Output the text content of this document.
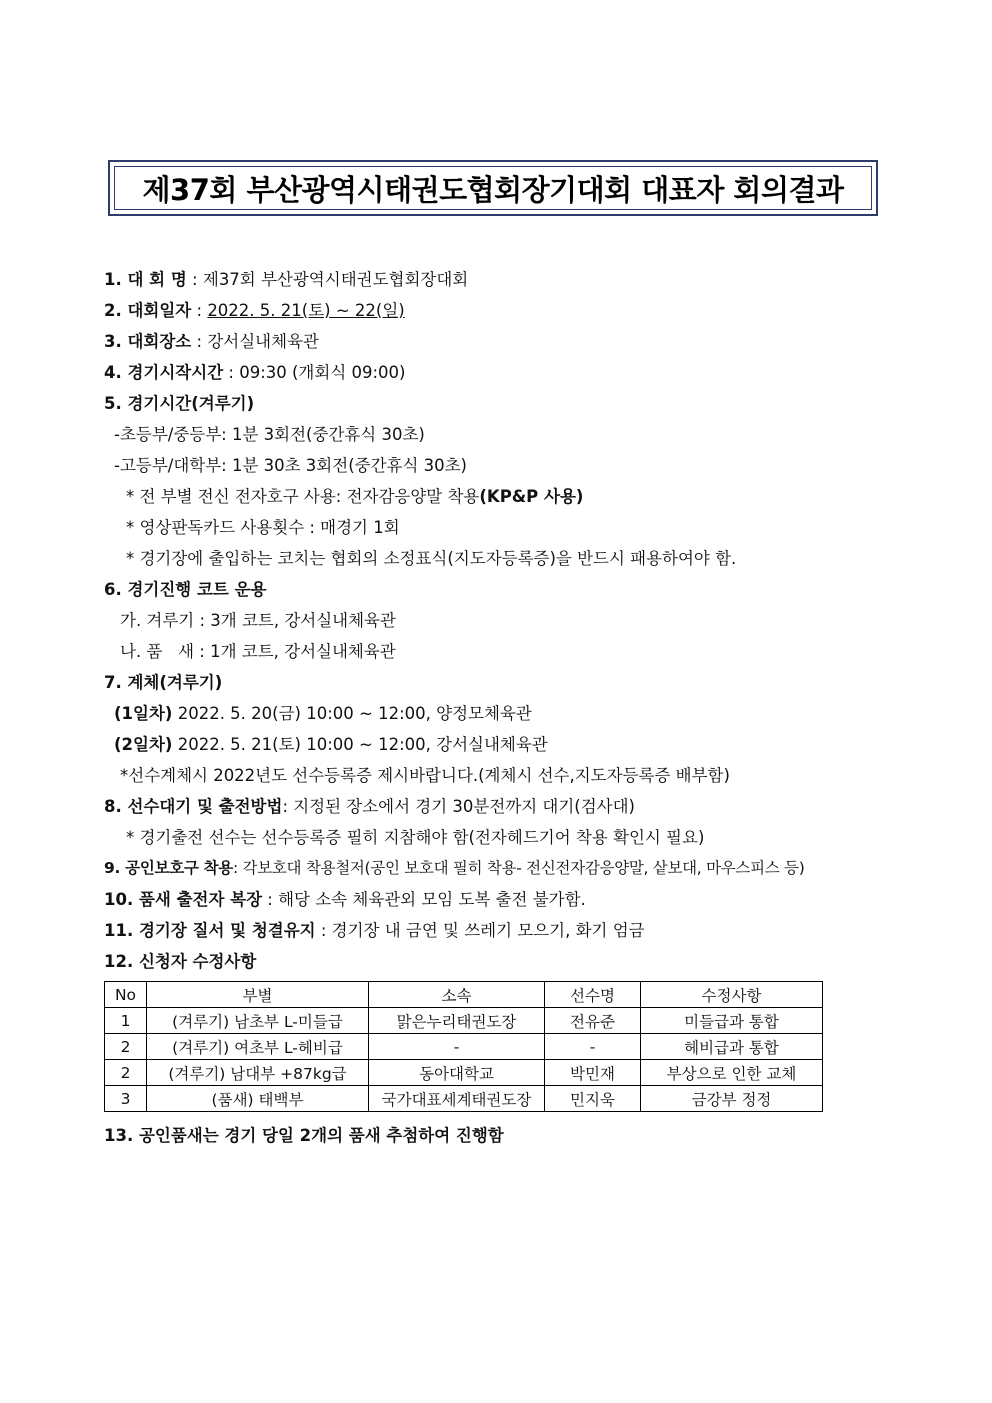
제37회 부산광역시태권도협회장기대회 대표자 회의결과
1. 대 회 명 : 제37회 부산광역시태권도협회장대회
2. 대회일자 : 2022. 5. 21(토) ~ 22(일)
3. 대회장소 : 강서실내체육관
4. 경기시작시간 : 09:30 (개회식 09:00)
5. 경기시간(겨루기)
-초등부/중등부: 1분 3회전(중간휴식 30초)
-고등부/대학부: 1분 30초 3회전(중간휴식 30초)
* 전 부별 전신 전자호구 사용: 전자감응양말 착용(KP&P 사용)
* 영상판독카드 사용횟수 : 매경기 1회
* 경기장에 출입하는 코치는 협회의 소정표식(지도자등록증)을 반드시 패용하여야 함.
6. 경기진행 코트 운용
가. 겨루기 : 3개 코트, 강서실내체육관
나. 품   새 : 1개 코트, 강서실내체육관
7. 계체(겨루기)
(1일차) 2022. 5. 20(금) 10:00 ~ 12:00, 양정모체육관
(2일차) 2022. 5. 21(토) 10:00 ~ 12:00, 강서실내체육관
*선수계체시 2022년도 선수등록증 제시바랍니다.(계체시 선수,지도자등록증 배부함)
8. 선수대기 및 출전방법: 지정된 장소에서 경기 30분전까지 대기(검사대)
* 경기출전 선수는 선수등록증 필히 지참해야 함(전자헤드기어 착용 확인시 필요)
9. 공인보호구 착용: 각보호대 착용철저(공인 보호대 필히 착용- 전신전자감응양말, 샅보대, 마우스피스 등)
10. 품새 출전자 복장 : 해당 소속 체육관외 모임 도복 출전 불가함.
11. 경기장 질서 및 청결유지 : 경기장 내 금연 및 쓰레기 모으기, 화기 엄금
12. 신청자 수정사항
No	부별	소속	선수명	수정사항
1	(겨루기) 남초부 L-미들급	맑은누리태권도장	전유준	미들급과 통합
2	(겨루기) 여초부 L-헤비급	-	-	헤비급과 통합
2	(겨루기) 남대부 +87kg급	동아대학교	박민재	부상으로 인한 교체
3	(품새) 태백부	국가대표세계태권도장	민지욱	금강부 정정
13. 공인품새는 경기 당일 2개의 품새 추첨하여 진행함
